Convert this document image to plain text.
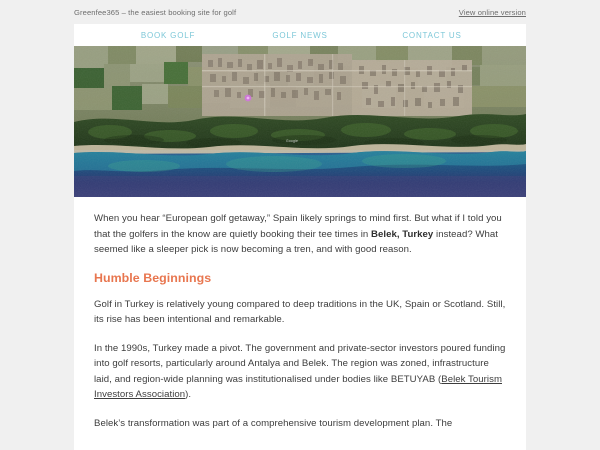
Greenfee365 – the easiest booking site for golf	View online version
BOOK GOLF	GOLF NEWS	CONTACT US
Google

When you hear “European golf getaway,” Spain likely springs to mind first. But what if I told you that the golfers in the know are quietly booking their tee times in Belek, Turkey instead? What seemed like a sleeper pick is now becoming a tren, and with good reason.

Humble Beginnings

Golf in Turkey is relatively young compared to deep traditions in the UK, Spain or Scotland. Still, its rise has been intentional and remarkable.

In the 1990s, Turkey made a pivot. The government and private-sector investors poured funding into golf resorts, particularly around Antalya and Belek. The region was zoned, infrastructure laid, and region-wide planning was institutionalised under bodies like BETUYAB (Belek Tourism Investors Association).

Belek’s transformation was part of a comprehensive tourism development plan. The
